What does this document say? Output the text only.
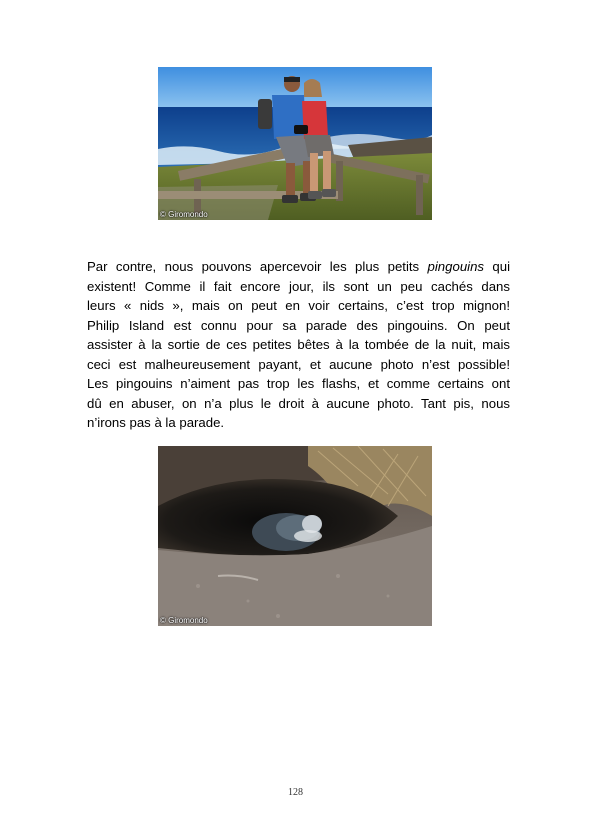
© Giromondo
Par contre, nous pouvons apercevoir les plus petits pingouins qui
existent! Comme il fait encore jour, ils sont un peu cachés dans
leurs « nids », mais on peut en voir certains, c’est trop mignon!
Philip Island est connu pour sa parade des pingouins. On peut
assister à la sortie de ces petites bêtes à la tombée de la nuit, mais
ceci est malheureusement payant, et aucune photo n’est possible!
Les pingouins n’aiment pas trop les flashs, et comme certains ont
dû en abuser, on n’a plus le droit à aucune photo. Tant pis, nous
n’irons pas à la parade.
© Giromondo
128
